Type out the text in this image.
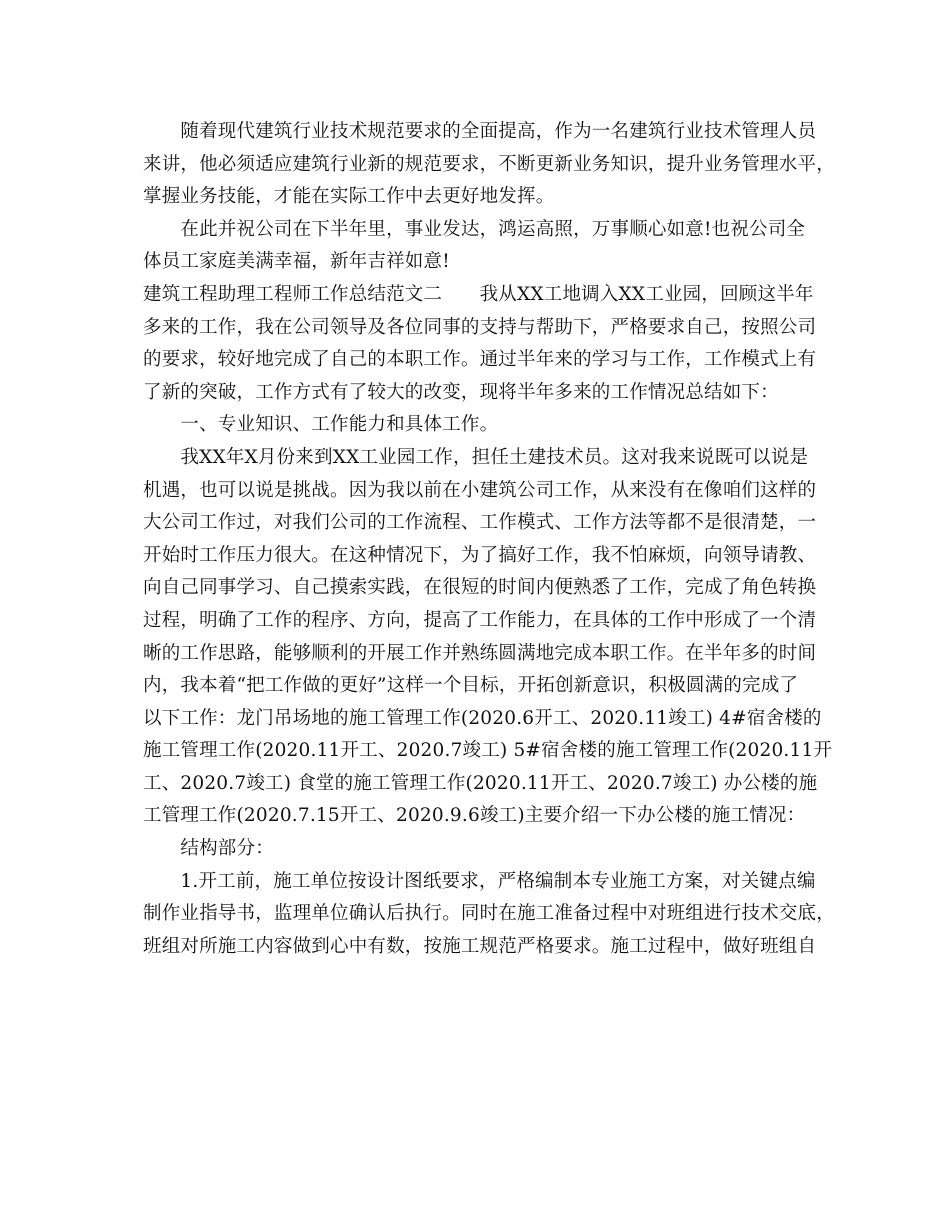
　　随着现代建筑行业技术规范要求的全面提高，作为一名建筑行业技术管理人员
来讲，他必须适应建筑行业新的规范要求，不断更新业务知识，提升业务管理水平，
掌握业务技能，才能在实际工作中去更好地发挥。
　　在此并祝公司在下半年里，事业发达，鸿运高照，万事顺心如意!也祝公司全
体员工家庭美满幸福，新年吉祥如意!
建筑工程助理工程师工作总结范文二　　我从XX工地调入XX工业园，回顾这半年
多来的工作，我在公司领导及各位同事的支持与帮助下，严格要求自己，按照公司
的要求，较好地完成了自己的本职工作。通过半年来的学习与工作，工作模式上有
了新的突破，工作方式有了较大的改变，现将半年多来的工作情况总结如下：
　　一、专业知识、工作能力和具体工作。
　　我XX年X月份来到XX工业园工作，担任土建技术员。这对我来说既可以说是
机遇，也可以说是挑战。因为我以前在小建筑公司工作，从来没有在像咱们这样的
大公司工作过，对我们公司的工作流程、工作模式、工作方法等都不是很清楚，一
开始时工作压力很大。在这种情况下，为了搞好工作，我不怕麻烦，向领导请教、
向自己同事学习、自己摸索实践，在很短的时间内便熟悉了工作，完成了角色转换
过程，明确了工作的程序、方向，提高了工作能力，在具体的工作中形成了一个清
晰的工作思路，能够顺利的开展工作并熟练圆满地完成本职工作。在半年多的时间
内，我本着“把工作做的更好”这样一个目标，开拓创新意识，积极圆满的完成了
以下工作：龙门吊场地的施工管理工作(2020.6开工、2020.11竣工) 4#宿舍楼的
施工管理工作(2020.11开工、2020.7竣工) 5#宿舍楼的施工管理工作(2020.11开
工、2020.7竣工) 食堂的施工管理工作(2020.11开工、2020.7竣工) 办公楼的施
工管理工作(2020.7.15开工、2020.9.6竣工)主要介绍一下办公楼的施工情况：
　　结构部分：
　　1.开工前，施工单位按设计图纸要求，严格编制本专业施工方案，对关键点编
制作业指导书，监理单位确认后执行。同时在施工准备过程中对班组进行技术交底，
班组对所施工内容做到心中有数，按施工规范严格要求。施工过程中，做好班组自
